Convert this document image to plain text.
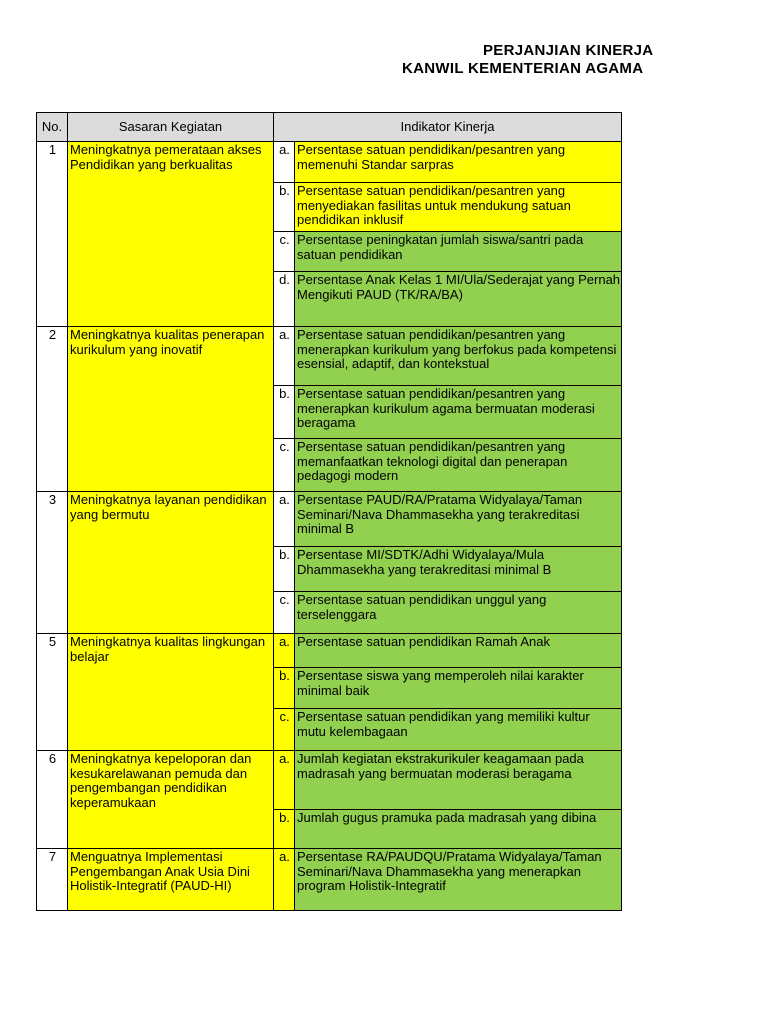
PERJANJIAN KINERJA
KANWIL KEMENTERIAN AGAMA
No.	Sasaran Kegiatan	Indikator Kinerja	
1	Meningkatnya pemerataan akses Pendidikan yang berkualitas	a.	Persentase satuan pendidikan/pesantren yang memenuhi Standar sarpras
		b.	Persentase satuan pendidikan/pesantren yang menyediakan fasilitas untuk mendukung satuan pendidikan inklusif
		c.	Persentase peningkatan jumlah siswa/santri pada satuan pendidikan
		d.	Persentase Anak Kelas 1 MI/Ula/Sederajat yang Pernah Mengikuti PAUD (TK/RA/BA)
2	Meningkatnya kualitas penerapan kurikulum yang inovatif	a.	Persentase satuan pendidikan/pesantren yang menerapkan kurikulum yang berfokus pada kompetensi esensial, adaptif, dan kontekstual
		b.	Persentase satuan pendidikan/pesantren yang menerapkan kurikulum agama bermuatan moderasi beragama
		c.	Persentase satuan pendidikan/pesantren yang memanfaatkan teknologi digital dan penerapan pedagogi modern
3	Meningkatnya layanan pendidikan yang bermutu	a.	Persentase PAUD/RA/Pratama Widyalaya/Taman Seminari/Nava Dhammasekha yang terakreditasi minimal B
		b.	Persentase MI/SDTK/Adhi Widyalaya/Mula Dhammasekha yang terakreditasi minimal B
		c.	Persentase satuan pendidikan unggul yang terselenggara
5	Meningkatnya kualitas lingkungan belajar	a.	Persentase satuan pendidikan Ramah Anak
		b.	Persentase siswa yang memperoleh nilai karakter minimal baik
		c.	Persentase satuan pendidikan yang memiliki kultur mutu kelembagaan
6	Meningkatnya kepeloporan dan kesukarelawanan pemuda dan pengembangan pendidikan keperamukaan	a.	Jumlah kegiatan ekstrakurikuler keagamaan pada madrasah yang bermuatan moderasi beragama
		b.	Jumlah gugus pramuka pada madrasah yang dibina
7	Menguatnya Implementasi Pengembangan Anak Usia Dini Holistik-Integratif (PAUD-HI)	a.	Persentase RA/PAUDQU/Pratama Widyalaya/Taman Seminari/Nava Dhammasekha yang menerapkan program Holistik-Integratif
